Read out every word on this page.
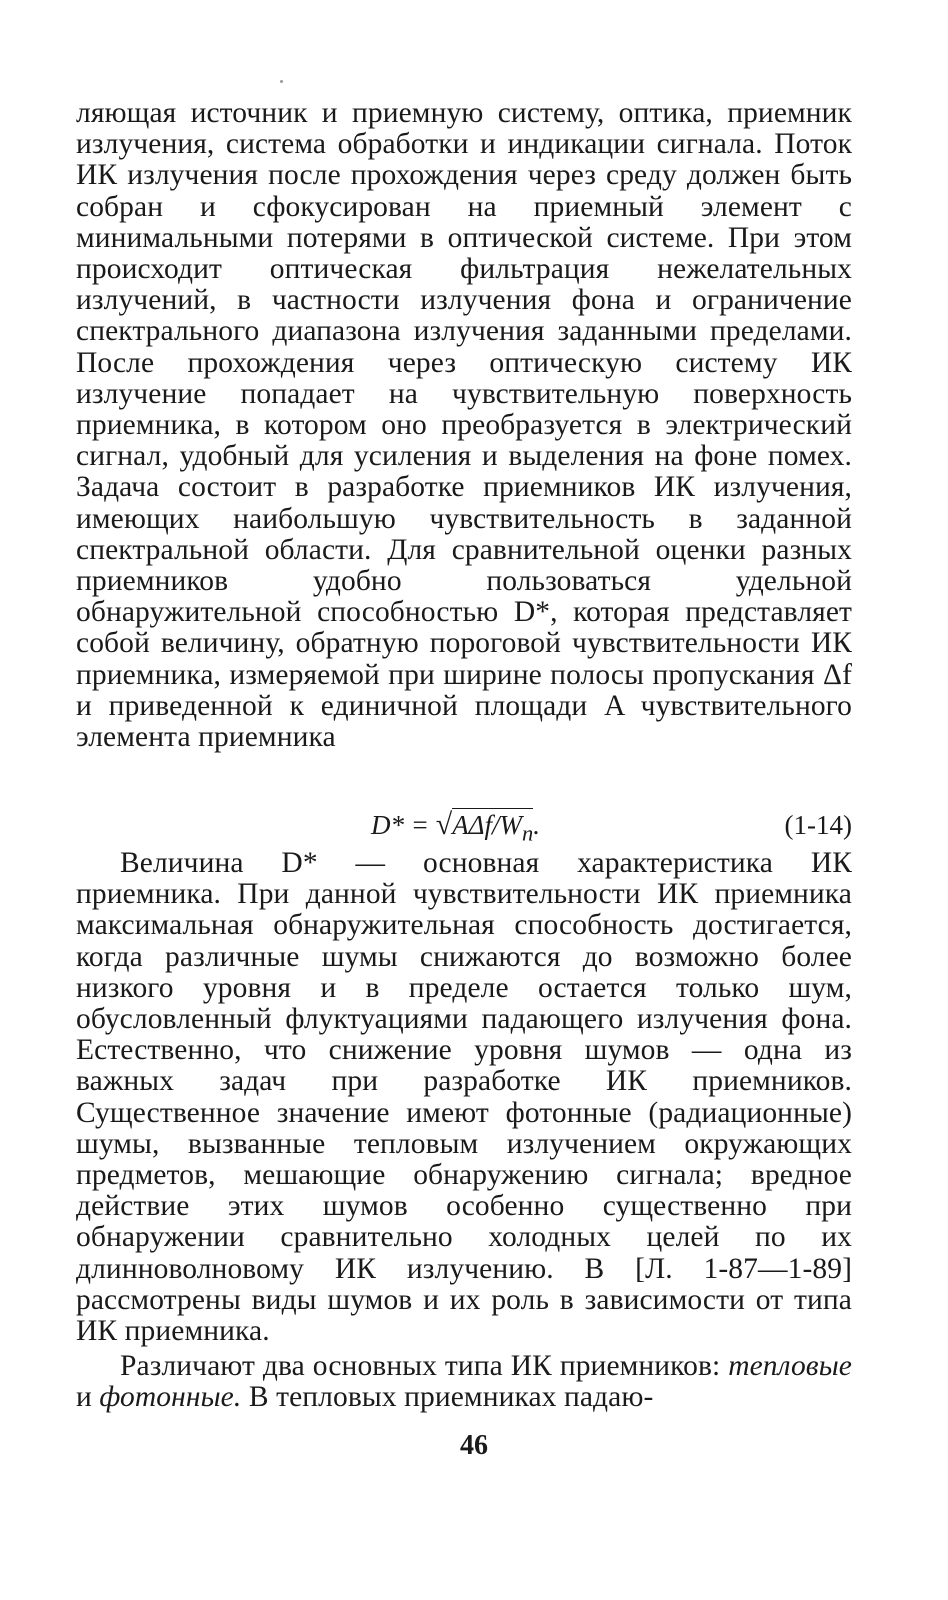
ляющая источник и приемную систему, оптика, приемник излучения, система обработки и индикации сигнала. Поток ИК излучения после прохождения через среду должен быть собран и сфокусирован на приемный элемент с минимальными потерями в оптической системе. При этом происходит оптическая фильтрация нежелательных излучений, в частности излучения фона и ограничение спектрального диапазона излучения заданными пределами. После прохождения через оптическую систему ИК излучение попадает на чувствительную поверхность приемника, в котором оно преобразуется в электрический сигнал, удобный для усиления и выделения на фоне помех. Задача состоит в разработке приемников ИК излучения, имеющих наибольшую чувствительность в заданной спектральной области. Для сравнительной оценки разных приемников удобно пользоваться удельной обнаружительной способностью D*, которая представляет собой величину, обратную пороговой чувствительности ИК приемника, измеряемой при ширине полосы пропускания Δf и приведенной к единичной площади A чувствительного элемента приемника
$D* = √A\Delta f/W_п$.	(1-14)
Величина D* — основная характеристика ИК приемника. При данной чувствительности ИК приемника максимальная обнаружительная способность достигается, когда различные шумы снижаются до возможно более низкого уровня и в пределе остается только шум, обусловленный флуктуациями падающего излучения фона. Естественно, что снижение уровня шумов — одна из важных задач при разработке ИК приемников. Существенное значение имеют фотонные (радиационные) шумы, вызванные тепловым излучением окружающих предметов, мешающие обнаружению сигнала; вредное действие этих шумов особенно существенно при обнаружении сравнительно холодных целей по их длинноволновому ИК излучению. В [Л. 1-87—1-89] рассмотрены виды шумов и их роль в зависимости от типа ИК приемника.
Различают два основных типа ИК приемников: тепловые и фотонные. В тепловых приемниках падаю-
46
